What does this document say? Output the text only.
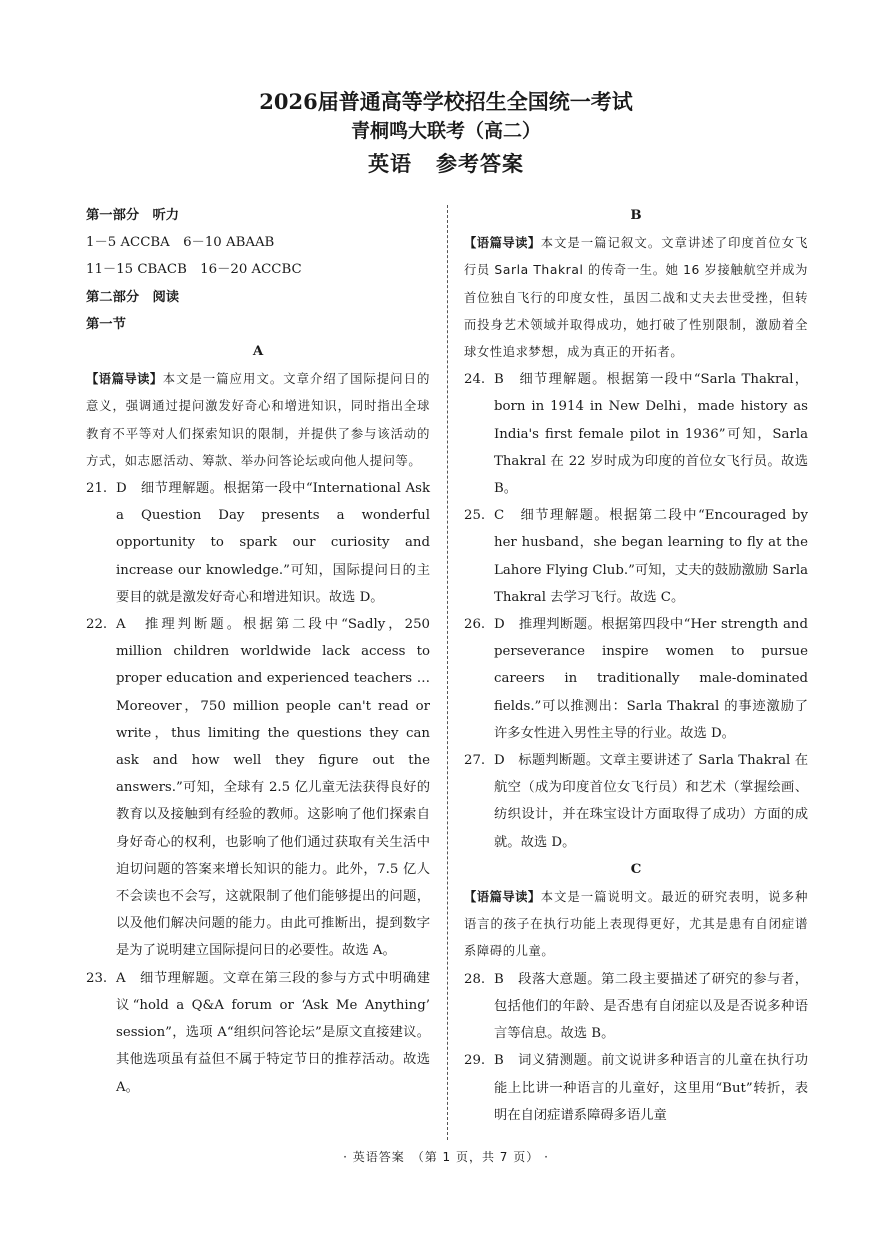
2026届普通高等学校招生全国统一考试
青桐鸣大联考（高二）
英语 参考答案
第一部分　听力
1－5 ACCBA　6－10 ABAAB
11－15 CBACB　16－20 ACCBC
第二部分　阅读
第一节
A
【语篇导读】本文是一篇应用文。文章介绍了国际提问日的意义，强调通过提问激发好奇心和增进知识，同时指出全球教育不平等对人们探索知识的限制，并提供了参与该活动的方式，如志愿活动、筹款、举办问答论坛或向他人提问等。
21. D　细节理解题。根据第一段中“International Ask a Question Day presents a wonderful opportunity to spark our curiosity and increase our knowledge.”可知，国际提问日的主要目的就是激发好奇心和增进知识。故选 D。
22. A　推理判断题。根据第二段中“Sadly，250 million children worldwide lack access to proper education and experienced teachers … Moreover，750 million people can't read or write，thus limiting the questions they can ask and how well they figure out the answers.”可知，全球有 2.5 亿儿童无法获得良好的教育以及接触到有经验的教师。这影响了他们探索自身好奇心的权利，也影响了他们通过获取有关生活中迫切问题的答案来增长知识的能力。此外，7.5 亿人不会读也不会写，这就限制了他们能够提出的问题，以及他们解决问题的能力。由此可推断出，提到数字是为了说明建立国际提问日的必要性。故选 A。
23. A　细节理解题。文章在第三段的参与方式中明确建议“hold a Q&A forum or ‘Ask Me Anything’ session”，选项 A“组织问答论坛”是原文直接建议。其他选项虽有益但不属于特定节日的推荐活动。故选 A。
B
【语篇导读】本文是一篇记叙文。文章讲述了印度首位女飞行员 Sarla Thakral 的传奇一生。她 16 岁接触航空并成为首位独自飞行的印度女性，虽因二战和丈夫去世受挫，但转而投身艺术领域并取得成功，她打破了性别限制，激励着全球女性追求梦想，成为真正的开拓者。
24. B　细节理解题。根据第一段中“Sarla Thakral，born in 1914 in New Delhi，made history as India's first female pilot in 1936”可知，Sarla Thakral 在 22 岁时成为印度的首位女飞行员。故选 B。
25. C　细节理解题。根据第二段中“Encouraged by her husband，she began learning to fly at the Lahore Flying Club.”可知，丈夫的鼓励激励 Sarla Thakral 去学习飞行。故选 C。
26. D　推理判断题。根据第四段中“Her strength and perseverance inspire women to pursue careers in traditionally male-dominated fields.”可以推测出：Sarla Thakral 的事迹激励了许多女性进入男性主导的行业。故选 D。
27. D　标题判断题。文章主要讲述了 Sarla Thakral 在航空（成为印度首位女飞行员）和艺术（掌握绘画、纺织设计，并在珠宝设计方面取得了成功）方面的成就。故选 D。
C
【语篇导读】本文是一篇说明文。最近的研究表明，说多种语言的孩子在执行功能上表现得更好，尤其是患有自闭症谱系障碍的儿童。
28. B　段落大意题。第二段主要描述了研究的参与者，包括他们的年龄、是否患有自闭症以及是否说多种语言等信息。故选 B。
29. B　词义猜测题。前文说讲多种语言的儿童在执行功能上比讲一种语言的儿童好，这里用“But”转折，表明在自闭症谱系障碍多语儿童
· 英语答案　（第 1 页，共 7 页） ·
